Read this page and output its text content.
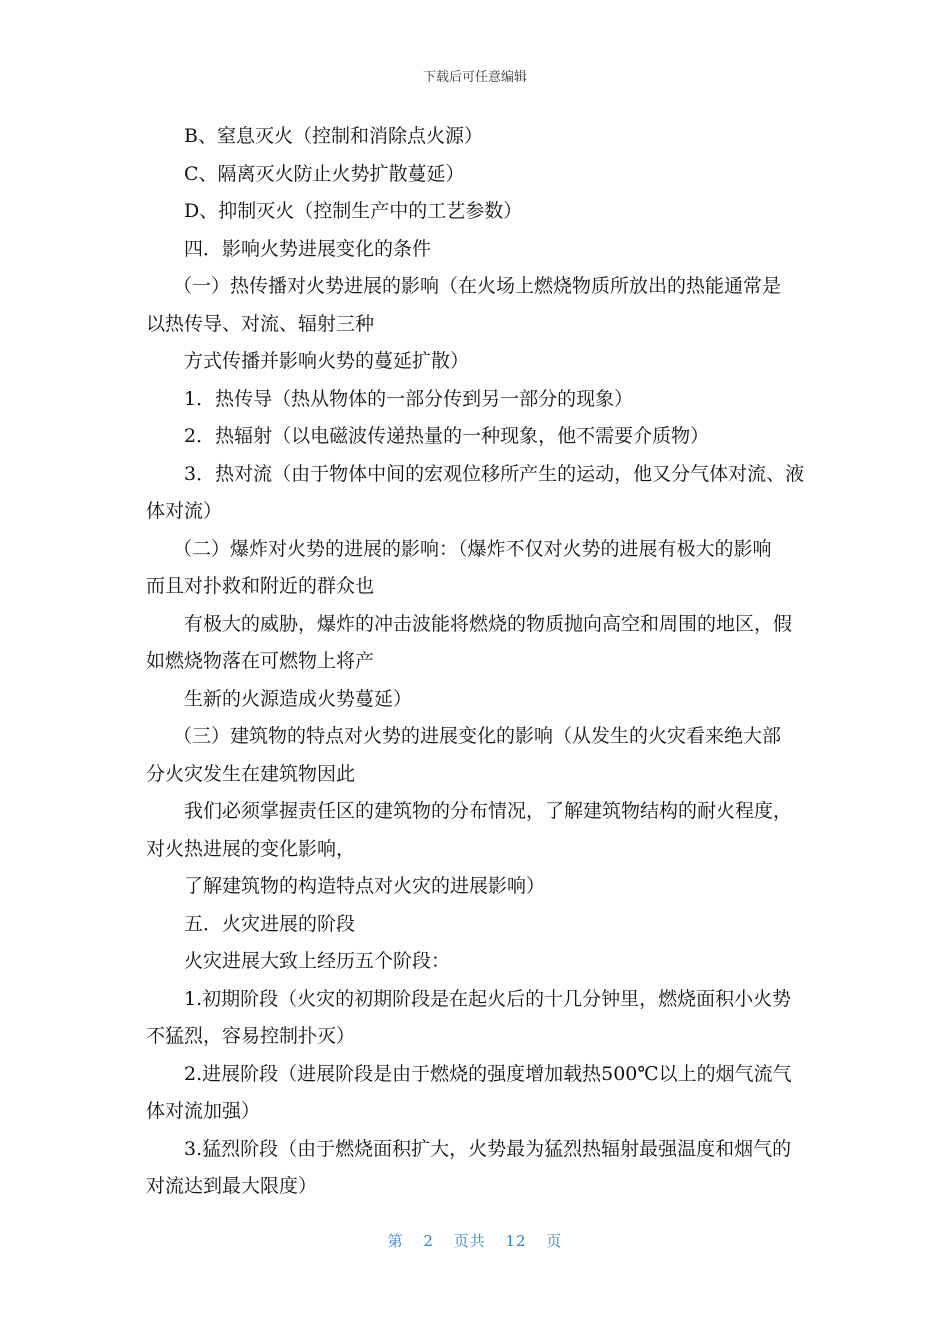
下载后可任意编辑
B、窒息灭火（控制和消除点火源）
C、隔离灭火防止火势扩散蔓延）
D、抑制灭火（控制生产中的工艺参数）
四．影响火势进展变化的条件
（一）热传播对火势进展的影响（在火场上燃烧物质所放出的热能通常是
以热传导、对流、辐射三种
方式传播并影响火势的蔓延扩散）
1．热传导（热从物体的一部分传到另一部分的现象）
2．热辐射（以电磁波传递热量的一种现象，他不需要介质物）
3．热对流（由于物体中间的宏观位移所产生的运动，他又分气体对流、液
体对流）
（二）爆炸对火势的进展的影响：（爆炸不仅对火势的进展有极大的影响
而且对扑救和附近的群众也
有极大的威胁，爆炸的冲击波能将燃烧的物质抛向高空和周围的地区，假
如燃烧物落在可燃物上将产
生新的火源造成火势蔓延）
（三）建筑物的特点对火势的进展变化的影响（从发生的火灾看来绝大部
分火灾发生在建筑物因此
我们必须掌握责任区的建筑物的分布情况，了解建筑物结构的耐火程度，
对火热进展的变化影响，
了解建筑物的构造特点对火灾的进展影响）
五．火灾进展的阶段
火灾进展大致上经历五个阶段：
1.初期阶段（火灾的初期阶段是在起火后的十几分钟里，燃烧面积小火势
不猛烈，容易控制扑灭）
2.进展阶段（进展阶段是由于燃烧的强度增加载热500℃以上的烟气流气
体对流加强）
3.猛烈阶段（由于燃烧面积扩大，火势最为猛烈热辐射最强温度和烟气的
对流达到最大限度）
第 2 页共 12 页
